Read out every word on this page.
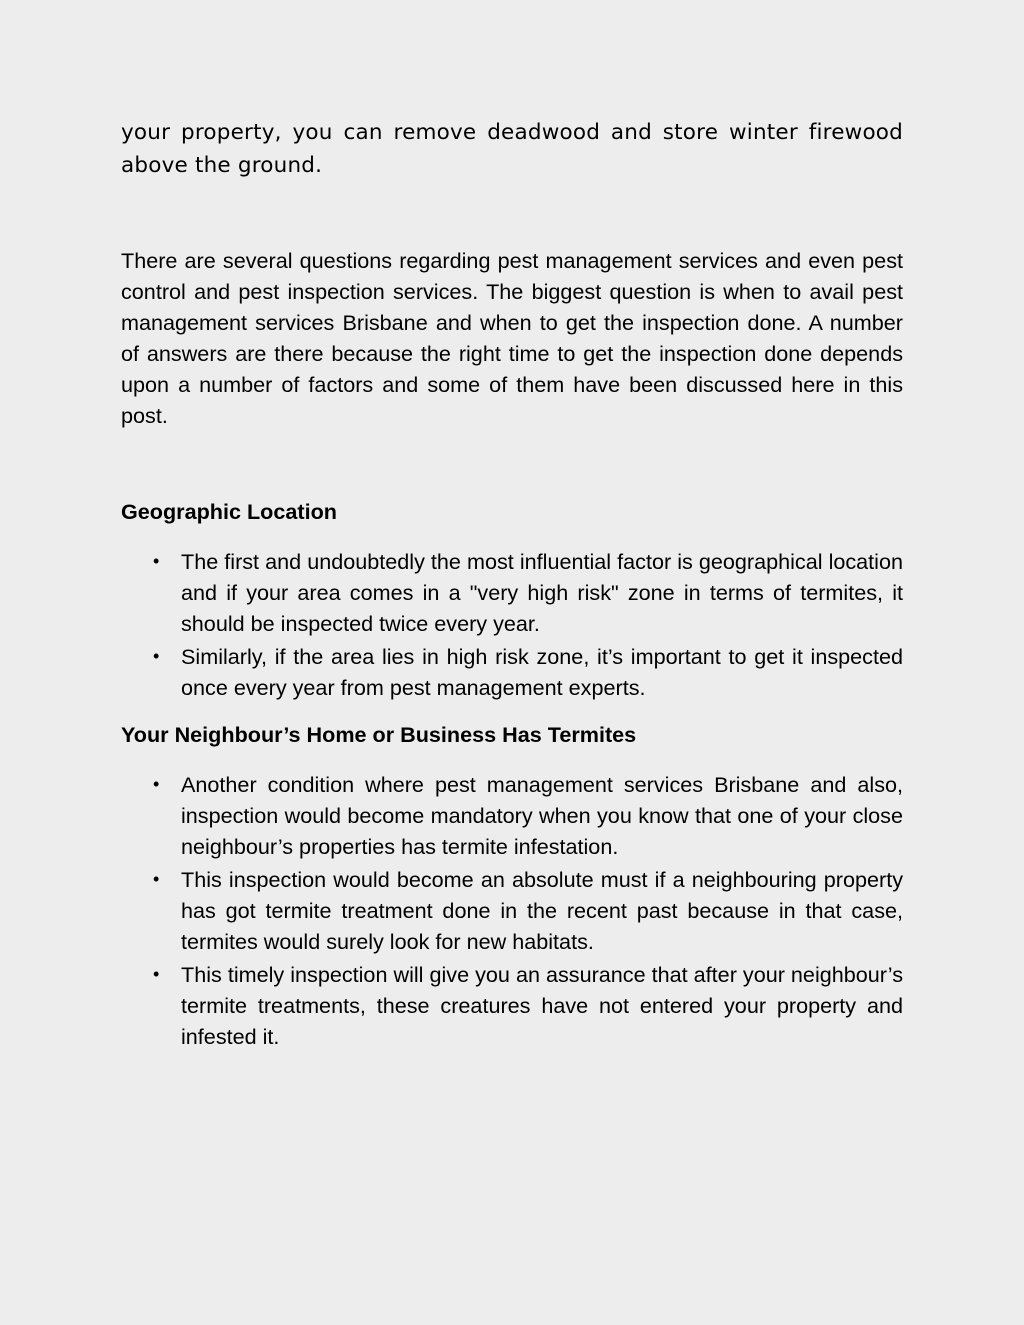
your property, you can remove deadwood and store winter firewood above the ground.

There are several questions regarding pest management services and even pest control and pest inspection services. The biggest question is when to avail pest management services Brisbane and when to get the inspection done. A number of answers are there because the right time to get the inspection done depends upon a number of factors and some of them have been discussed here in this post.

Geographic Location
• The first and undoubtedly the most influential factor is geographical location and if your area comes in a "very high risk" zone in terms of termites, it should be inspected twice every year.
• Similarly, if the area lies in high risk zone, it’s important to get it inspected once every year from pest management experts.
Your Neighbour’s Home or Business Has Termites
• Another condition where pest management services Brisbane and also, inspection would become mandatory when you know that one of your close neighbour’s properties has termite infestation.
• This inspection would become an absolute must if a neighbouring property has got termite treatment done in the recent past because in that case, termites would surely look for new habitats.
• This timely inspection will give you an assurance that after your neighbour’s termite treatments, these creatures have not entered your property and infested it.
